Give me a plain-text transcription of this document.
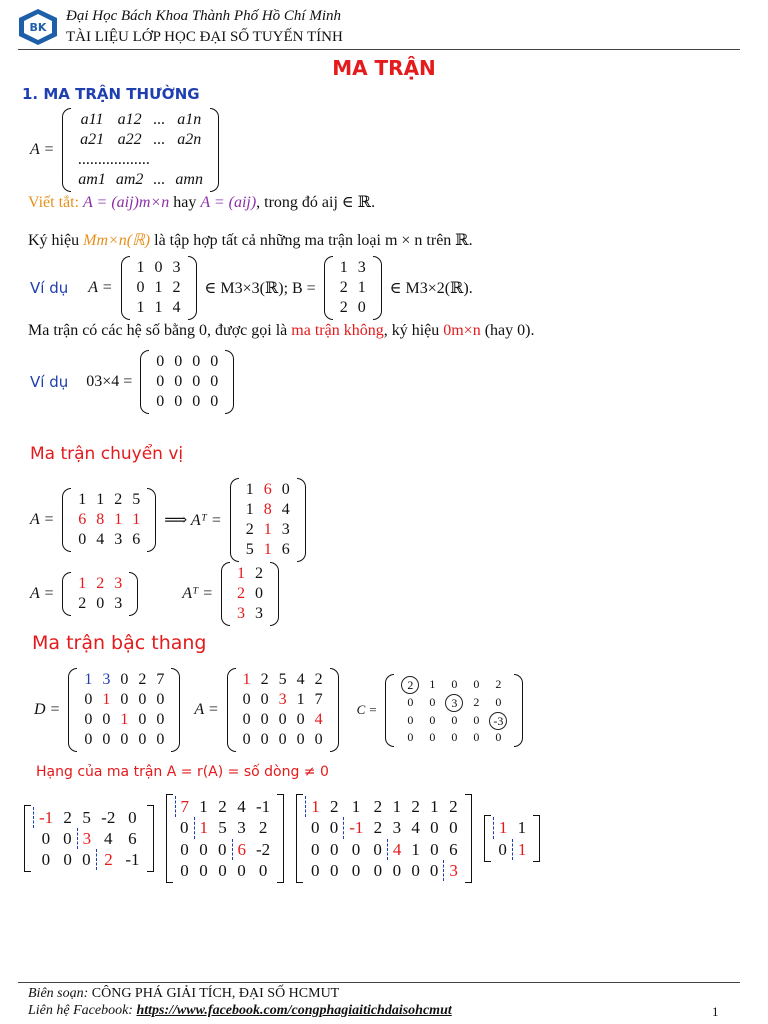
BK
Đại Học Bách Khoa Thành Phố Hồ Chí Minh
TÀI LIỆU LỚP HỌC ĐẠI SỐ TUYẾN TÍNH
MA TRẬN
1. MA TRẬN THƯỜNG
A =
a11	a12	...	a1n
a21	a22	...	a2n
..................			
am1	am2	...	amn
Viết tắt: A = (aij)m×n hay A = (aij), trong đó aij ∈ ℝ.
Ký hiệu Mm×n(ℝ) là tập hợp tất cả những ma trận loại m × n trên ℝ.
Ví dụ A =
1	0	3
0	1	2
1	1	4
∈ M3×3(ℝ); B =
1	3
2	1
2	0
∈ M3×2(ℝ).
Ma trận có các hệ số bằng 0, được gọi là ma trận không, ký hiệu 0m×n (hay 0).
Ví dụ 03×4 =
0	0	0	0
0	0	0	0
0	0	0	0
Ma trận chuyển vị
A =
1	1	2	5
6	8	1	1
0	4	3	6
⟹ Aᵀ =
1	6	0
1	8	4
2	1	3
5	1	6
A =
1	2	3
2	0	3
Aᵀ =
1	2
2	0
3	3
Ma trận bậc thang
D =
1	3	0	2	7
0	1	0	0	0
0	0	1	0	0
0	0	0	0	0
A =
1	2	5	4	2
0	0	3	1	7
0	0	0	0	4
0	0	0	0	0
C =
2	1	0	0	2
0	0	3	2	0
0	0	0	0	-3
0	0	0	0	0
Hạng của ma trận A = r(A) = số dòng ≠ 0
-1	2	5	-2	0
0	0	3	4	6
0	0	0	2	-1
7	1	2	4	-1
0	1	5	3	2
0	0	0	6	-2
0	0	0	0	0
1	2	1	2	1	2	1	2
0	0	-1	2	3	4	0	0
0	0	0	0	4	1	0	6
0	0	0	0	0	0	0	3
1	1
0	1
Biên soạn: CÔNG PHÁ GIẢI TÍCH, ĐẠI SỐ HCMUT
Liên hệ Facebook: https://www.facebook.com/congphagiaitichdaisohcmut	1
